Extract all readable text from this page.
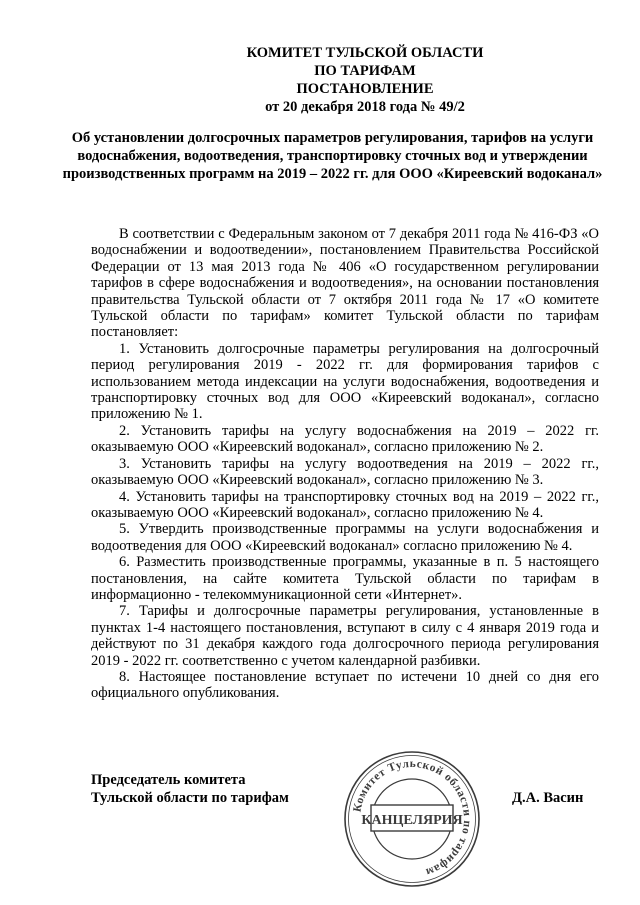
КОМИТЕТ ТУЛЬСКОЙ ОБЛАСТИ
ПО ТАРИФАМ
ПОСТАНОВЛЕНИЕ
от 20 декабря 2018 года № 49/2
Об установлении долгосрочных параметров регулирования, тарифов на услуги водоснабжения, водоотведения, транспортировку сточных вод и утверждении производственных программ на 2019 – 2022 гг. для ООО «Киреевский водоканал»

В соответствии с Федеральным законом от 7 декабря 2011 года № 416-ФЗ «О водоснабжении и водоотведении», постановлением Правительства Российской Федерации от 13 мая 2013 года № 406 «О государственном регулировании тарифов в сфере водоснабжения и водоотведения», на основании постановления правительства Тульской области от 7 октября 2011 года № 17 «О комитете Тульской области по тарифам» комитет Тульской области по тарифам постановляет:

1. Установить долгосрочные параметры регулирования на долгосрочный период регулирования 2019 - 2022 гг. для формирования тарифов с использованием метода индексации на услуги водоснабжения, водоотведения и транспортировку сточных вод для ООО «Киреевский водоканал», согласно приложению № 1.

2. Установить тарифы на услугу водоснабжения на 2019 – 2022 гг. оказываемую ООО «Киреевский водоканал», согласно приложению № 2.

3. Установить тарифы на услугу водоотведения на 2019 – 2022 гг., оказываемую ООО «Киреевский водоканал», согласно приложению № 3.

4. Установить тарифы на транспортировку сточных вод на 2019 – 2022 гг., оказываемую ООО «Киреевский водоканал», согласно приложению № 4.

5. Утвердить производственные программы на услуги водоснабжения и водоотведения для ООО «Киреевский водоканал» согласно приложению № 4.

6. Разместить производственные программы, указанные в п. 5 настоящего постановления, на сайте комитета Тульской области по тарифам в информационно - телекоммуникационной сети «Интернет».

7. Тарифы и долгосрочные параметры регулирования, установленные в пунктах 1-4 настоящего постановления, вступают в силу с 4 января 2019 года и действуют по 31 декабря каждого года долгосрочного периода регулирования 2019 - 2022 гг. соответственно с учетом календарной разбивки.

8. Настоящее постановление вступает по истечени 10 дней со дня его официального опубликования.

Председатель комитета
Тульской области по тарифам
Комитет Тульской области по тарифам
КАНЦЕЛЯРИЯ
Д.А. Васин
